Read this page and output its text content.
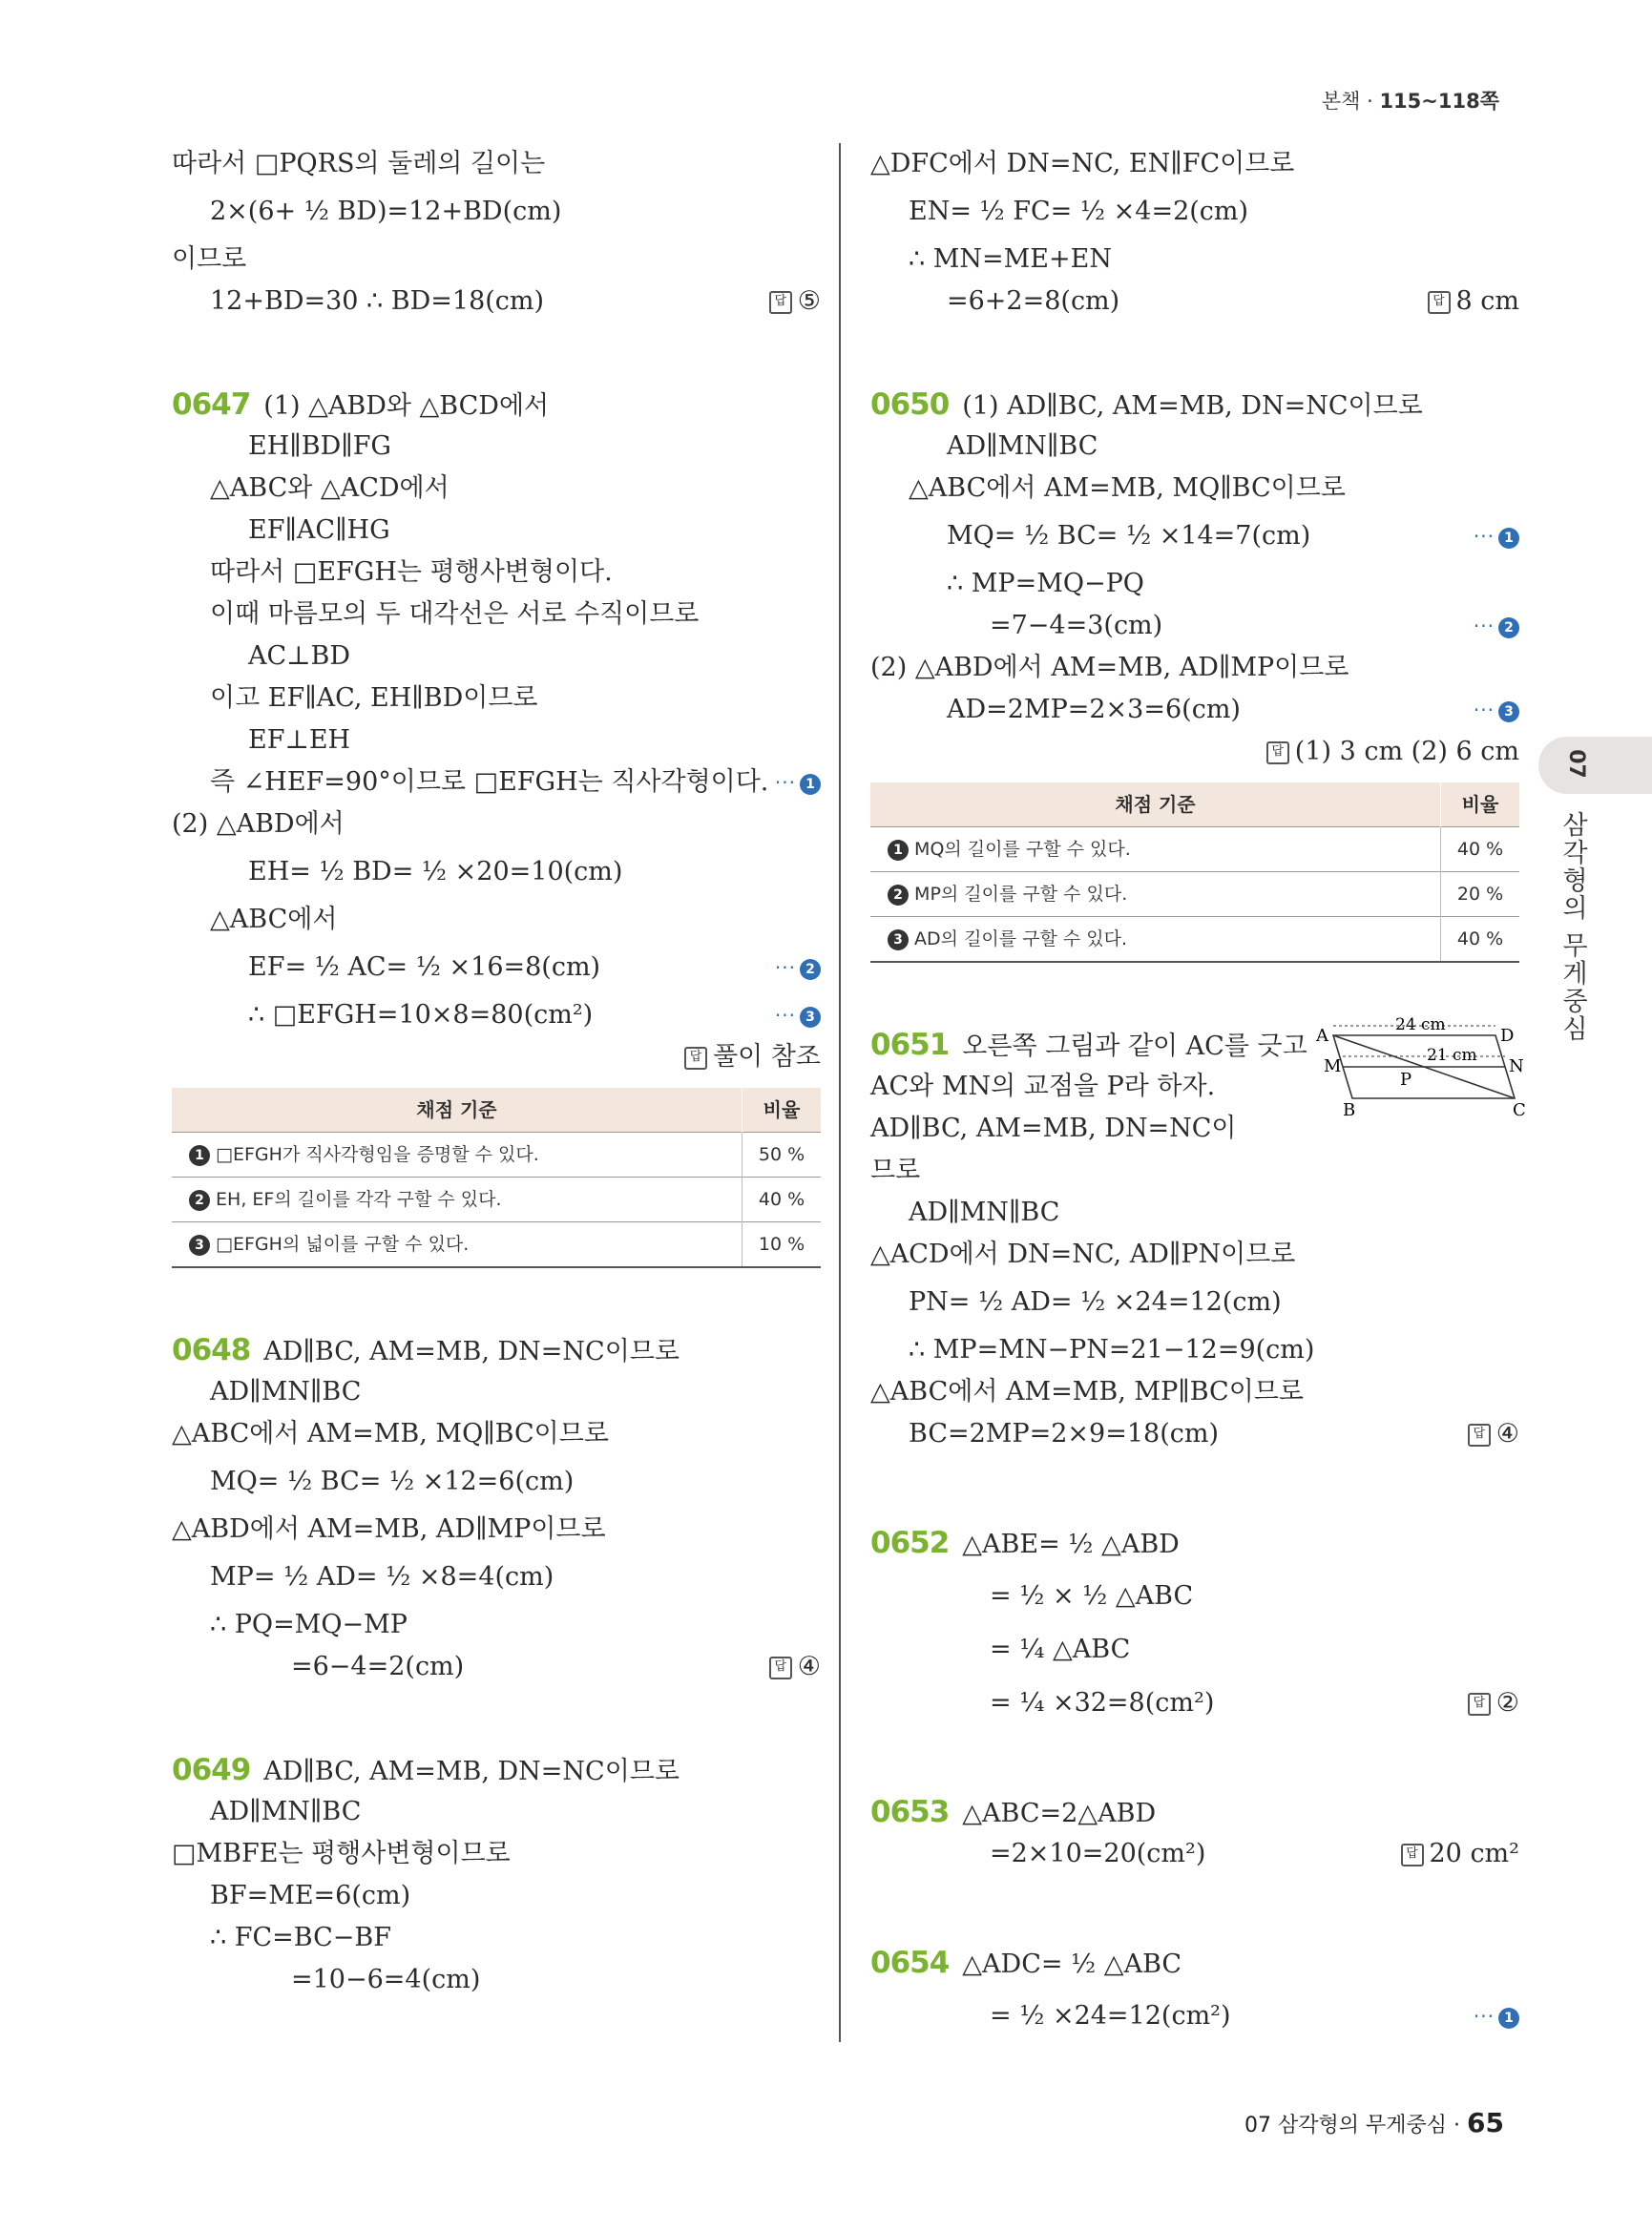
본책 · 115~118쪽
따라서 □PQRS의 둘레의 길이는
2×(6+ ½ BD)=12+BD(cm)
이므로
12+BD=30 ∴ BD=18(cm)	답 ⑤
0647 (1) △ABD와 △BCD에서
EH∥BD∥FG
△ABC와 △ACD에서
EF∥AC∥HG
따라서 □EFGH는 평행사변형이다.
이때 마름모의 두 대각선은 서로 수직이므로
AC⊥BD
이고 EF∥AC, EH∥BD이므로
EF⊥EH
즉 ∠HEF=90°이므로 □EFGH는 직사각형이다. ··· 1
(2) △ABD에서
EH= ½ BD= ½ ×20=10(cm)
△ABC에서
EF= ½ AC= ½ ×16=8(cm)	··· 2
∴ □EFGH=10×8=80(cm²)	··· 3
답 풀이 참조
채점 기준	비율
1 □EFGH가 직사각형임을 증명할 수 있다.	50 %
2 EH, EF의 길이를 각각 구할 수 있다.	40 %
3 □EFGH의 넓이를 구할 수 있다.	10 %
0648 AD∥BC, AM=MB, DN=NC이므로
AD∥MN∥BC
△ABC에서 AM=MB, MQ∥BC이므로
MQ= ½ BC= ½ ×12=6(cm)
△ABD에서 AM=MB, AD∥MP이므로
MP= ½ AD= ½ ×8=4(cm)
∴ PQ=MQ−MP
=6−4=2(cm)	답 ④
0649 AD∥BC, AM=MB, DN=NC이므로
AD∥MN∥BC
□MBFE는 평행사변형이므로
BF=ME=6(cm)
∴ FC=BC−BF
=10−6=4(cm)
△DFC에서 DN=NC, EN∥FC이므로
EN= ½ FC= ½ ×4=2(cm)
∴ MN=ME+EN
=6+2=8(cm)	답 8 cm
0650 (1) AD∥BC, AM=MB, DN=NC이므로
AD∥MN∥BC
△ABC에서 AM=MB, MQ∥BC이므로
MQ= ½ BC= ½ ×14=7(cm)	··· 1
∴ MP=MQ−PQ
=7−4=3(cm)	··· 2
(2) △ABD에서 AM=MB, AD∥MP이므로
AD=2MP=2×3=6(cm)	··· 3
답 (1) 3 cm (2) 6 cm
채점 기준	비율
1 MQ의 길이를 구할 수 있다.	40 %
2 MP의 길이를 구할 수 있다.	20 %
3 AD의 길이를 구할 수 있다.	40 %
0651 오른쪽 그림과 같이 AC를 긋고
AC와 MN의 교점을 P라 하자.
AD∥BC, AM=MB, DN=NC이
므로
AD∥MN∥BC
△ACD에서 DN=NC, AD∥PN이므로
PN= ½ AD= ½ ×24=12(cm)
∴ MP=MN−PN=21−12=9(cm)
△ABC에서 AM=MB, MP∥BC이므로
BC=2MP=2×9=18(cm)	답 ④
A	D
M	N
P
B	C
24 cm
21 cm
0652 △ABE= ½ △ABD
= ½ × ½ △ABC
= ¼ △ABC
= ¼ ×32=8(cm²)	답 ②
0653 △ABC=2△ABD
=2×10=20(cm²)	답 20 cm²
0654 △ADC= ½ △ABC
= ½ ×24=12(cm²)	··· 1
07
삼각형의 무게중심
07 삼각형의 무게중심 · 65
